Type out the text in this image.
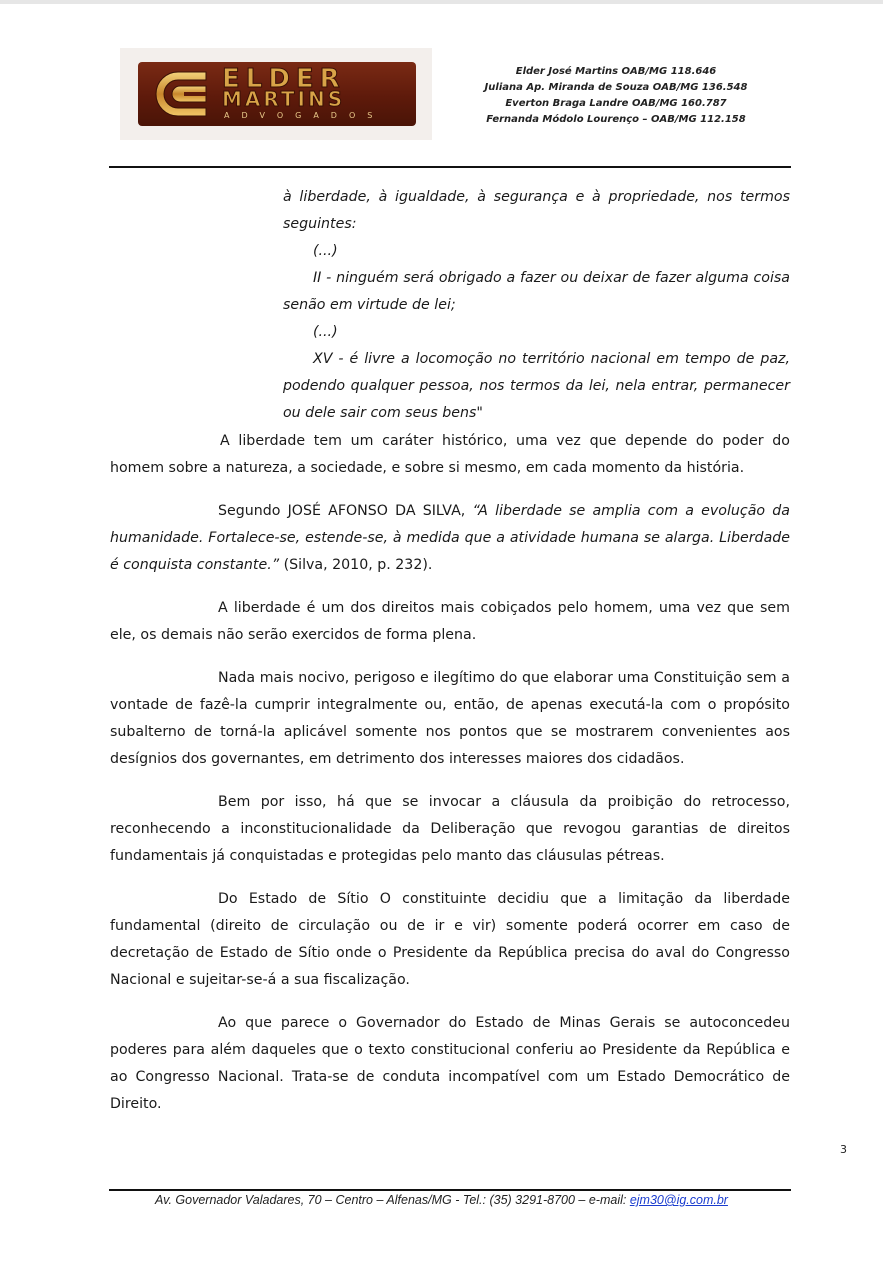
ELDER
MARTINS
ADVOGADOS
Elder José Martins OAB/MG 118.646
Juliana Ap. Miranda de Souza OAB/MG 136.548
Everton Braga Landre OAB/MG 160.787
Fernanda Módolo Lourenço – OAB/MG 112.158

à liberdade, à igualdade, à segurança e à propriedade, nos termos seguintes:

(...)

II - ninguém será obrigado a fazer ou deixar de fazer alguma coisa senão em virtude de lei;

(...)

XV - é livre a locomoção no território nacional em tempo de paz, podendo qualquer pessoa, nos termos da lei, nela entrar, permanecer ou dele sair com seus bens"

A liberdade tem um caráter histórico, uma vez que depende do poder do homem sobre a natureza, a sociedade, e sobre si mesmo, em cada momento da história.

Segundo JOSÉ AFONSO DA SILVA, “A liberdade se amplia com a evolução da humanidade. Fortalece-se, estende-se, à medida que a atividade humana se alarga. Liberdade é conquista constante.” (Silva, 2010, p. 232).

A liberdade é um dos direitos mais cobiçados pelo homem, uma vez que sem ele, os demais não serão exercidos de forma plena.

Nada mais nocivo, perigoso e ilegítimo do que elaborar uma Constituição sem a vontade de fazê-la cumprir integralmente ou, então, de apenas executá-la com o propósito subalterno de torná-la aplicável somente nos pontos que se mostrarem convenientes aos desígnios dos governantes, em detrimento dos interesses maiores dos cidadãos.

Bem por isso, há que se invocar a cláusula da proibição do retrocesso, reconhecendo a inconstitucionalidade da Deliberação que revogou garantias de direitos fundamentais já conquistadas e protegidas pelo manto das cláusulas pétreas.

Do Estado de Sítio O constituinte decidiu que a limitação da liberdade fundamental (direito de circulação ou de ir e vir) somente poderá ocorrer em caso de decretação de Estado de Sítio onde o Presidente da República precisa do aval do Congresso Nacional e sujeitar-se-á a sua fiscalização.

Ao que parece o Governador do Estado de Minas Gerais se autoconcedeu poderes para além daqueles que o texto constitucional conferiu ao Presidente da República e ao Congresso Nacional. Trata-se de conduta incompatível com um Estado Democrático de Direito.

3
Av. Governador Valadares, 70 – Centro – Alfenas/MG - Tel.: (35) 3291-8700 – e-mail: ejm30@ig.com.br
